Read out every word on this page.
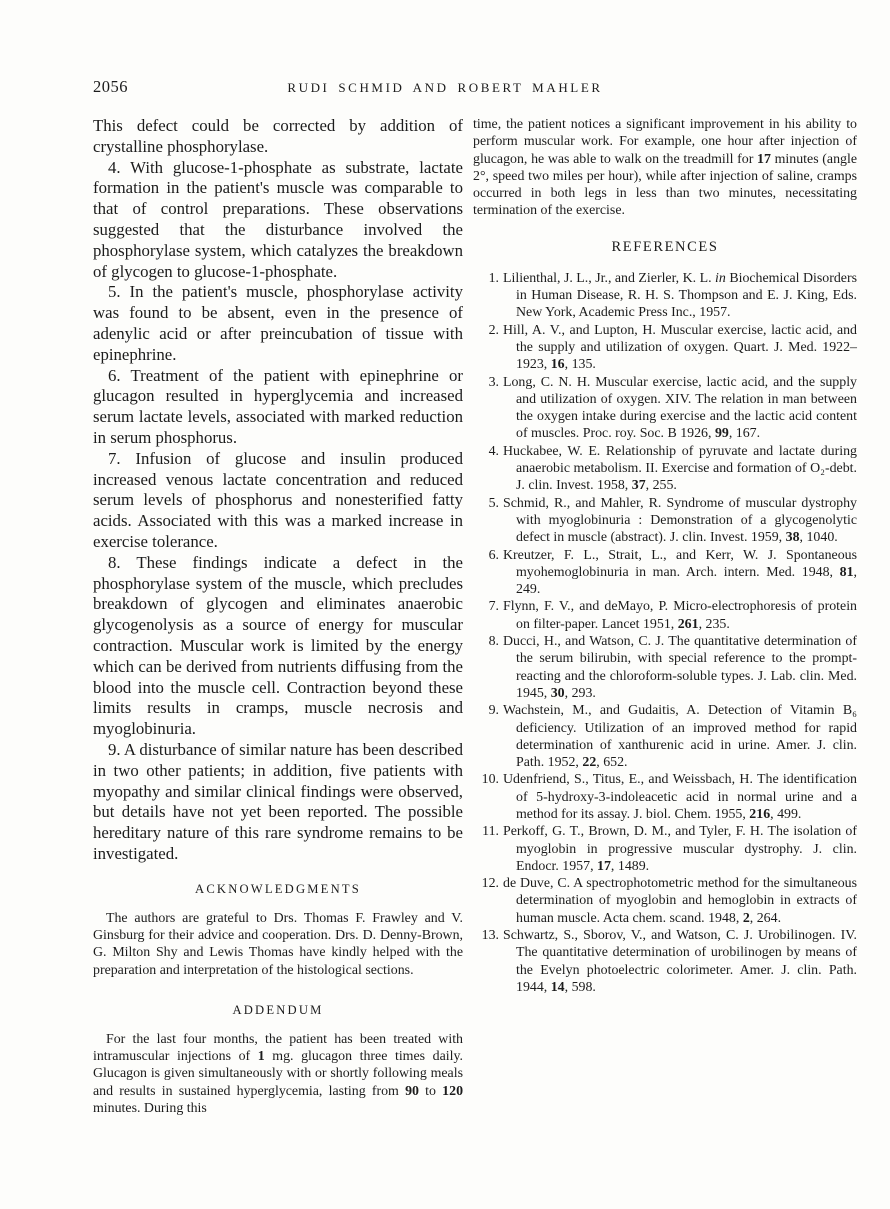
2056	RUDI SCHMID AND ROBERT MAHLER

This defect could be corrected by addition of crystalline phosphorylase.

4. With glucose-1-phosphate as substrate, lactate formation in the patient's muscle was comparable to that of control preparations. These observations suggested that the disturbance involved the phosphorylase system, which catalyzes the breakdown of glycogen to glucose-1-phosphate.

5. In the patient's muscle, phosphorylase activity was found to be absent, even in the presence of adenylic acid or after preincubation of tissue with epinephrine.

6. Treatment of the patient with epinephrine or glucagon resulted in hyperglycemia and increased serum lactate levels, associated with marked reduction in serum phosphorus.

7. Infusion of glucose and insulin produced increased venous lactate concentration and reduced serum levels of phosphorus and nonesterified fatty acids. Associated with this was a marked increase in exercise tolerance.

8. These findings indicate a defect in the phosphorylase system of the muscle, which precludes breakdown of glycogen and eliminates anaerobic glycogenolysis as a source of energy for muscular contraction. Muscular work is limited by the energy which can be derived from nutrients diffusing from the blood into the muscle cell. Contraction beyond these limits results in cramps, muscle necrosis and myoglobinuria.

9. A disturbance of similar nature has been described in two other patients; in addition, five patients with myopathy and similar clinical findings were observed, but details have not yet been reported. The possible hereditary nature of this rare syndrome remains to be investigated.

ACKNOWLEDGMENTS

The authors are grateful to Drs. Thomas F. Frawley and V. Ginsburg for their advice and cooperation. Drs. D. Denny-Brown, G. Milton Shy and Lewis Thomas have kindly helped with the preparation and interpretation of the histological sections.

ADDENDUM

For the last four months, the patient has been treated with intramuscular injections of 1 mg. glucagon three times daily. Glucagon is given simultaneously with or shortly following meals and results in sustained hyperglycemia, lasting from 90 to 120 minutes. During this

time, the patient notices a significant improvement in his ability to perform muscular work. For example, one hour after injection of glucagon, he was able to walk on the treadmill for 17 minutes (angle 2°, speed two miles per hour), while after injection of saline, cramps occurred in both legs in less than two minutes, necessitating termination of the exercise.

REFERENCES
1. Lilienthal, J. L., Jr., and Zierler, K. L. in Biochemical Disorders in Human Disease, R. H. S. Thompson and E. J. King, Eds. New York, Academic Press Inc., 1957.
2. Hill, A. V., and Lupton, H. Muscular exercise, lactic acid, and the supply and utilization of oxygen. Quart. J. Med. 1922–1923, 16, 135.
3. Long, C. N. H. Muscular exercise, lactic acid, and the supply and utilization of oxygen. XIV. The relation in man between the oxygen intake during exercise and the lactic acid content of muscles. Proc. roy. Soc. B 1926, 99, 167.
4. Huckabee, W. E. Relationship of pyruvate and lactate during anaerobic metabolism. II. Exercise and formation of O₂-debt. J. clin. Invest. 1958, 37, 255.
5. Schmid, R., and Mahler, R. Syndrome of muscular dystrophy with myoglobinuria : Demonstration of a glycogenolytic defect in muscle (abstract). J. clin. Invest. 1959, 38, 1040.
6. Kreutzer, F. L., Strait, L., and Kerr, W. J. Spontaneous myohemoglobinuria in man. Arch. intern. Med. 1948, 81, 249.
7. Flynn, F. V., and deMayo, P. Micro-electrophoresis of protein on filter-paper. Lancet 1951, 261, 235.
8. Ducci, H., and Watson, C. J. The quantitative determination of the serum bilirubin, with special reference to the prompt-reacting and the chloroform-soluble types. J. Lab. clin. Med. 1945, 30, 293.
9. Wachstein, M., and Gudaitis, A. Detection of Vitamin B₆ deficiency. Utilization of an improved method for rapid determination of xanthurenic acid in urine. Amer. J. clin. Path. 1952, 22, 652.
10. Udenfriend, S., Titus, E., and Weissbach, H. The identification of 5-hydroxy-3-indoleacetic acid in normal urine and a method for its assay. J. biol. Chem. 1955, 216, 499.
11. Perkoff, G. T., Brown, D. M., and Tyler, F. H. The isolation of myoglobin in progressive muscular dystrophy. J. clin. Endocr. 1957, 17, 1489.
12. de Duve, C. A spectrophotometric method for the simultaneous determination of myoglobin and hemoglobin in extracts of human muscle. Acta chem. scand. 1948, 2, 264.
13. Schwartz, S., Sborov, V., and Watson, C. J. Urobilinogen. IV. The quantitative determination of urobilinogen by means of the Evelyn photoelectric colorimeter. Amer. J. clin. Path. 1944, 14, 598.
